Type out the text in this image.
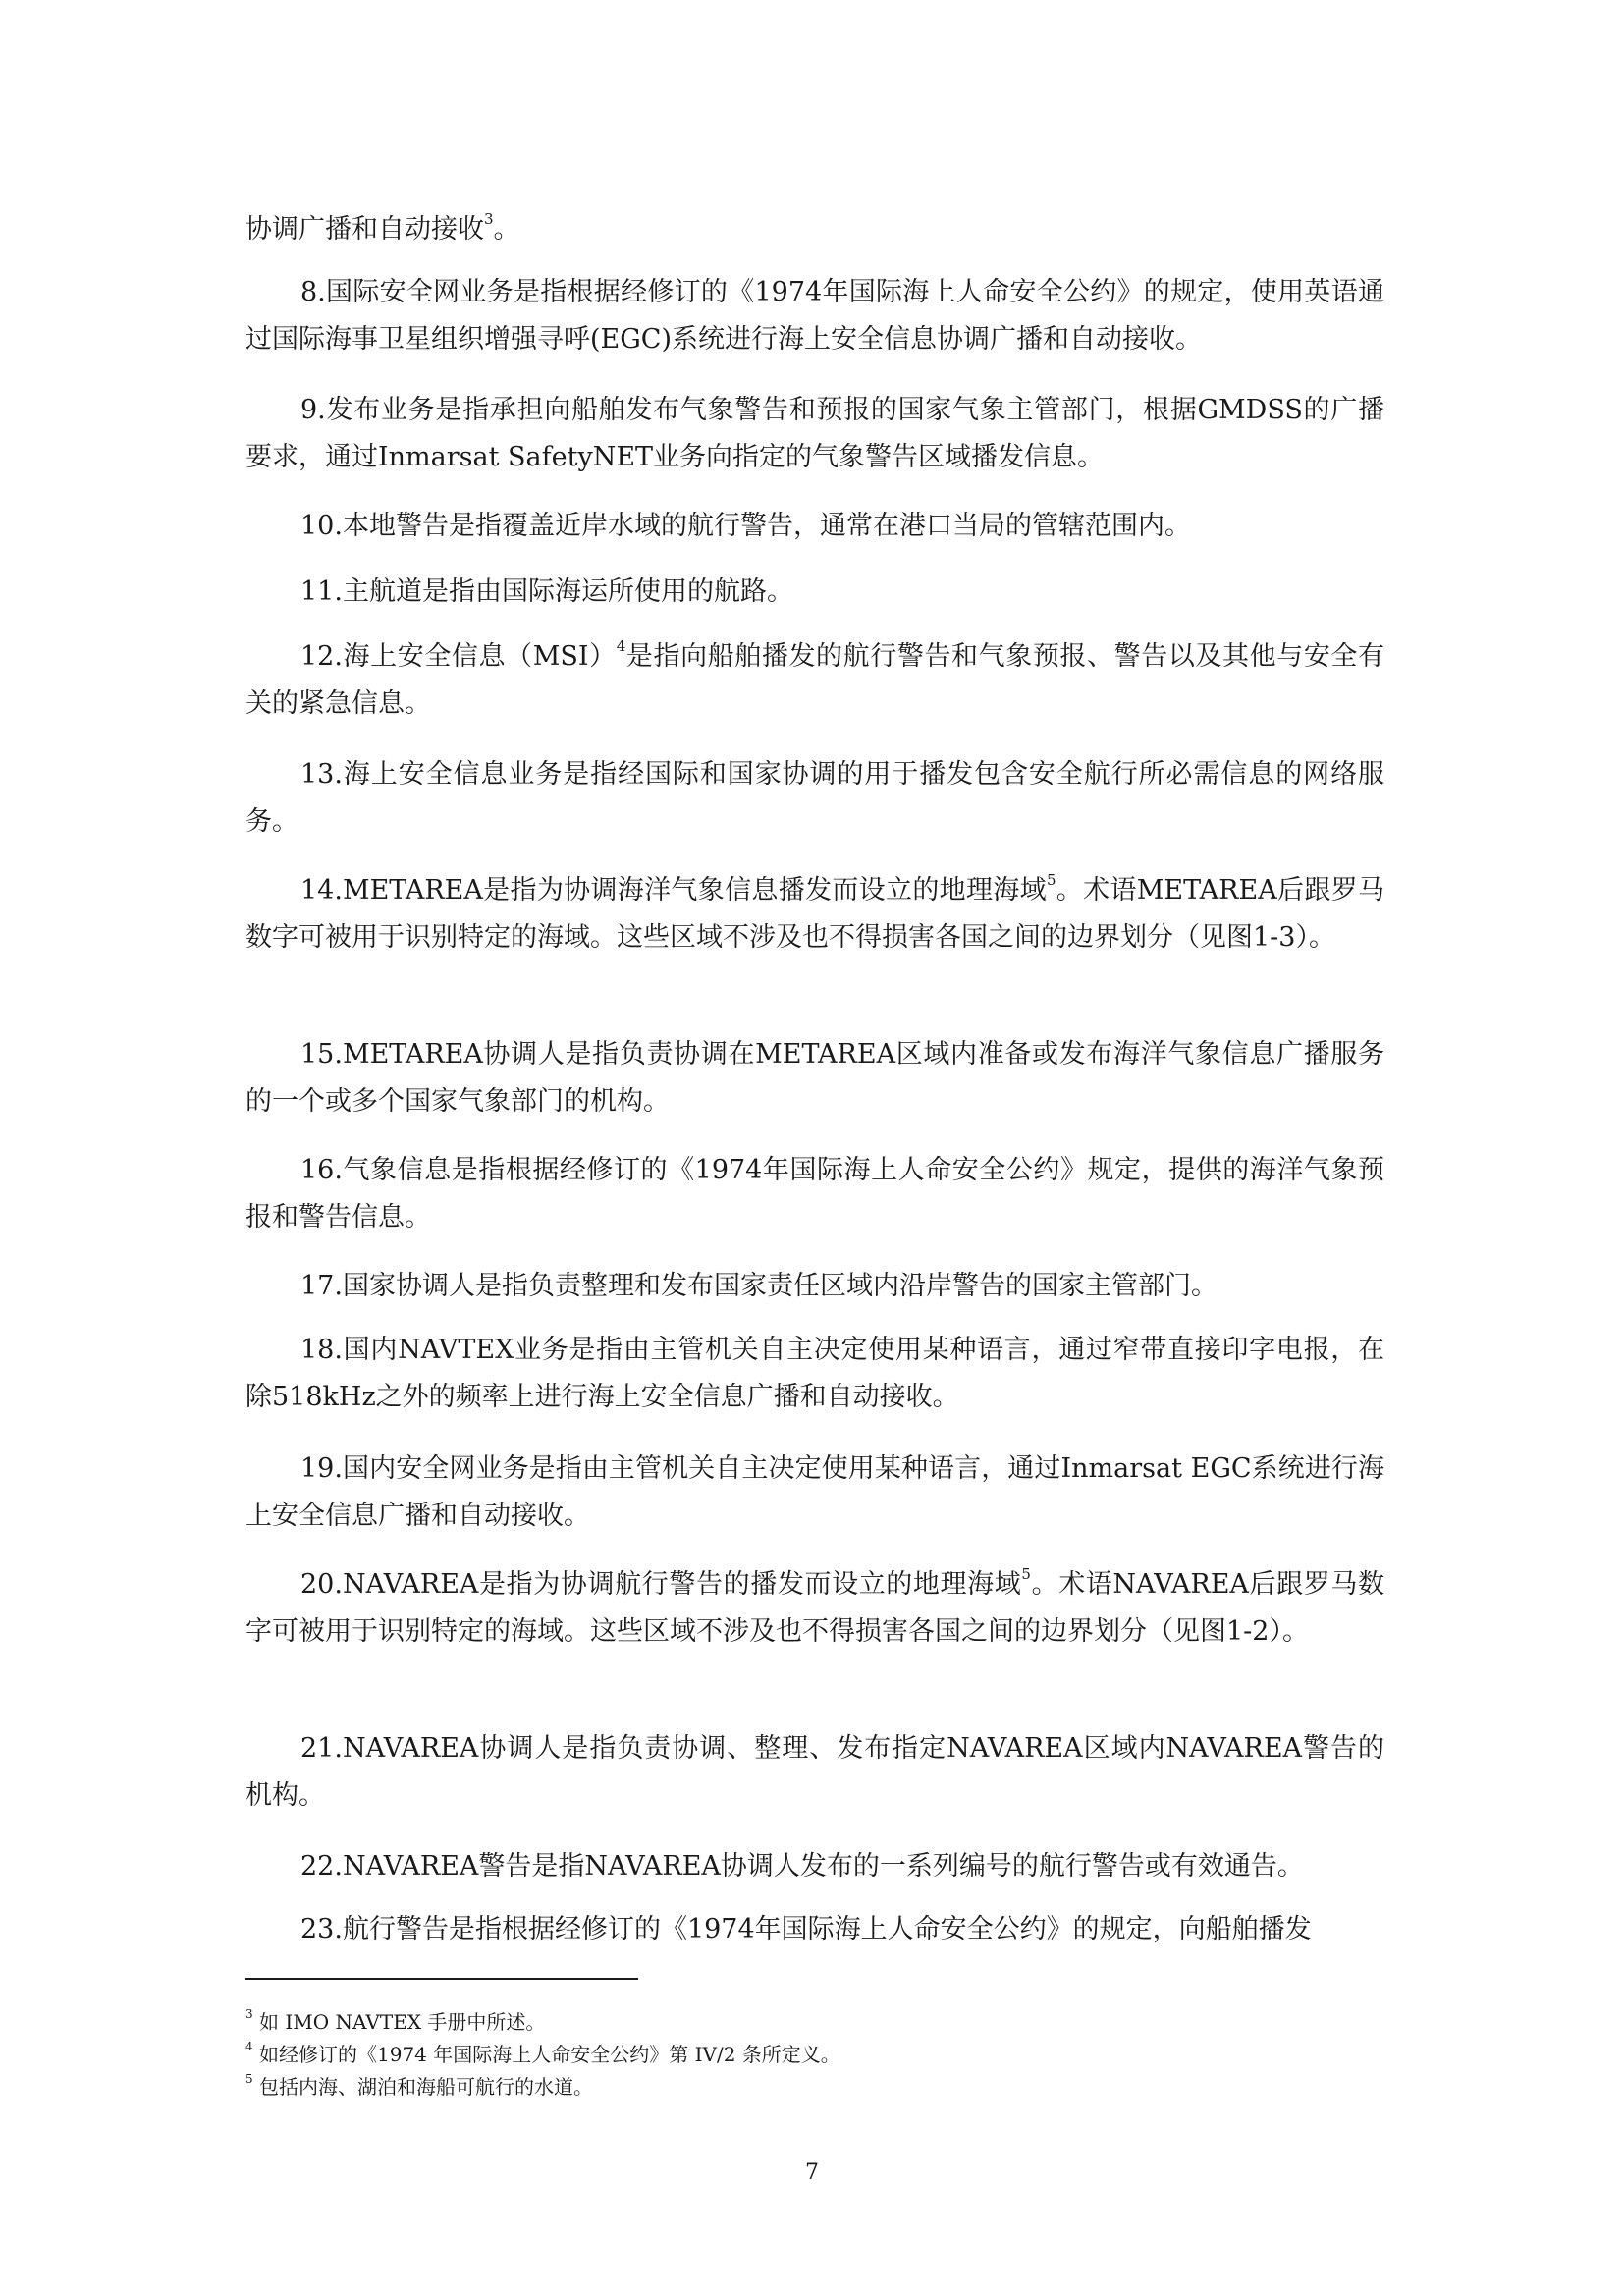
协调广播和自动接收$^3$。

8.国际安全网业务是指根据经修订的《1974年国际海上人命安全公约》的规定，使用英语通过国际海事卫星组织增强寻呼(EGC)系统进行海上安全信息协调广播和自动接收。

9.发布业务是指承担向船舶发布气象警告和预报的国家气象主管部门，根据GMDSS的广播要求，通过Inmarsat SafetyNET业务向指定的气象警告区域播发信息。

10.本地警告是指覆盖近岸水域的航行警告，通常在港口当局的管辖范围内。

11.主航道是指由国际海运所使用的航路。

12.海上安全信息（MSI）$^4$是指向船舶播发的航行警告和气象预报、警告以及其他与安全有关的紧急信息。

13.海上安全信息业务是指经国际和国家协调的用于播发包含安全航行所必需信息的网络服务。

14.METAREA是指为协调海洋气象信息播发而设立的地理海域$^5$。术语METAREA后跟罗马数字可被用于识别特定的海域。这些区域不涉及也不得损害各国之间的边界划分（见图1-3）。

15.METAREA协调人是指负责协调在METAREA区域内准备或发布海洋气象信息广播服务的一个或多个国家气象部门的机构。

16.气象信息是指根据经修订的《1974年国际海上人命安全公约》规定，提供的海洋气象预报和警告信息。

17.国家协调人是指负责整理和发布国家责任区域内沿岸警告的国家主管部门。

18.国内NAVTEX业务是指由主管机关自主决定使用某种语言，通过窄带直接印字电报，在除518kHz之外的频率上进行海上安全信息广播和自动接收。

19.国内安全网业务是指由主管机关自主决定使用某种语言，通过Inmarsat EGC系统进行海上安全信息广播和自动接收。

20.NAVAREA是指为协调航行警告的播发而设立的地理海域$^5$。术语NAVAREA后跟罗马数字可被用于识别特定的海域。这些区域不涉及也不得损害各国之间的边界划分（见图1-2）。

21.NAVAREA协调人是指负责协调、整理、发布指定NAVAREA区域内NAVAREA警告的机构。

22.NAVAREA警告是指NAVAREA协调人发布的一系列编号的航行警告或有效通告。

23.航行警告是指根据经修订的《1974年国际海上人命安全公约》的规定，向船舶播发

$^3$ 如 IMO NAVTEX 手册中所述。

$^4$ 如经修订的《1974 年国际海上人命安全公约》第 IV/2 条所定义。

$^5$ 包括内海、湖泊和海船可航行的水道。

7
